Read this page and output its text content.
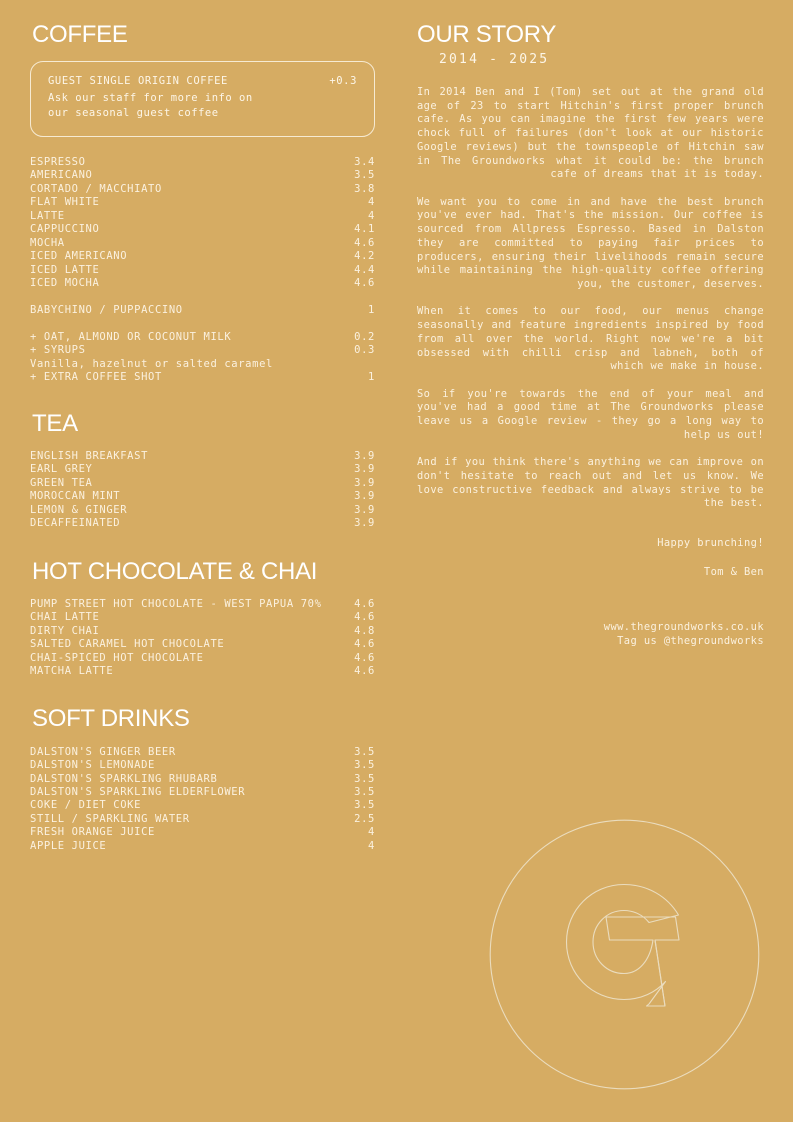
COFFEE
GUEST SINGLE ORIGIN COFFEE	+0.3
Ask our staff for more info on our seasonal guest coffee
ESPRESSO	3.4
AMERICANO	3.5
CORTADO / MACCHIATO	3.8
FLAT WHITE	4
LATTE	4
CAPPUCCINO	4.1
MOCHA	4.6
ICED AMERICANO	4.2
ICED LATTE	4.4
ICED MOCHA	4.6
BABYCHINO / PUPPACCINO	1
+ OAT, ALMOND OR COCONUT MILK	0.2
+ SYRUPS	0.3
Vanilla, hazelnut or salted caramel
+ EXTRA COFFEE SHOT	1
TEA
ENGLISH BREAKFAST	3.9
EARL GREY	3.9
GREEN TEA	3.9
MOROCCAN MINT	3.9
LEMON & GINGER	3.9
DECAFFEINATED	3.9
HOT CHOCOLATE & CHAI
PUMP STREET HOT CHOCOLATE - WEST PAPUA 70%	4.6
CHAI LATTE	4.6
DIRTY CHAI	4.8
SALTED CARAMEL HOT CHOCOLATE	4.6
CHAI-SPICED HOT CHOCOLATE	4.6
MATCHA LATTE	4.6
SOFT DRINKS
DALSTON'S GINGER BEER	3.5
DALSTON'S LEMONADE	3.5
DALSTON'S SPARKLING RHUBARB	3.5
DALSTON'S SPARKLING ELDERFLOWER	3.5
COKE / DIET COKE	3.5
STILL / SPARKLING WATER	2.5
FRESH ORANGE JUICE	4
APPLE JUICE	4
OUR STORY
2014 - 2025

In 2014 Ben and I (Tom) set out at the grand old age of 23 to start Hitchin's first proper brunch cafe. As you can imagine the first few years were chock full of failures (don't look at our historic Google reviews) but the townspeople of Hitchin saw in The Groundworks what it could be: the brunch cafe of dreams that it is today.

We want you to come in and have the best brunch you've ever had. That's the mission. Our coffee is sourced from Allpress Espresso. Based in Dalston they are committed to paying fair prices to producers, ensuring their livelihoods remain secure while maintaining the high-quality coffee offering you, the customer, deserves.

When it comes to our food, our menus change seasonally and feature ingredients inspired by food from all over the world. Right now we're a bit obsessed with chilli crisp and labneh, both of which we make in house.

So if you're towards the end of your meal and you've had a good time at The Groundworks please leave us a Google review - they go a long way to help us out!

And if you think there's anything we can improve on don't hesitate to reach out and let us know. We love constructive feedback and always strive to be the best.

Happy brunching!
Tom & Ben
www.thegroundworks.co.uk
Tag us @thegroundworks
